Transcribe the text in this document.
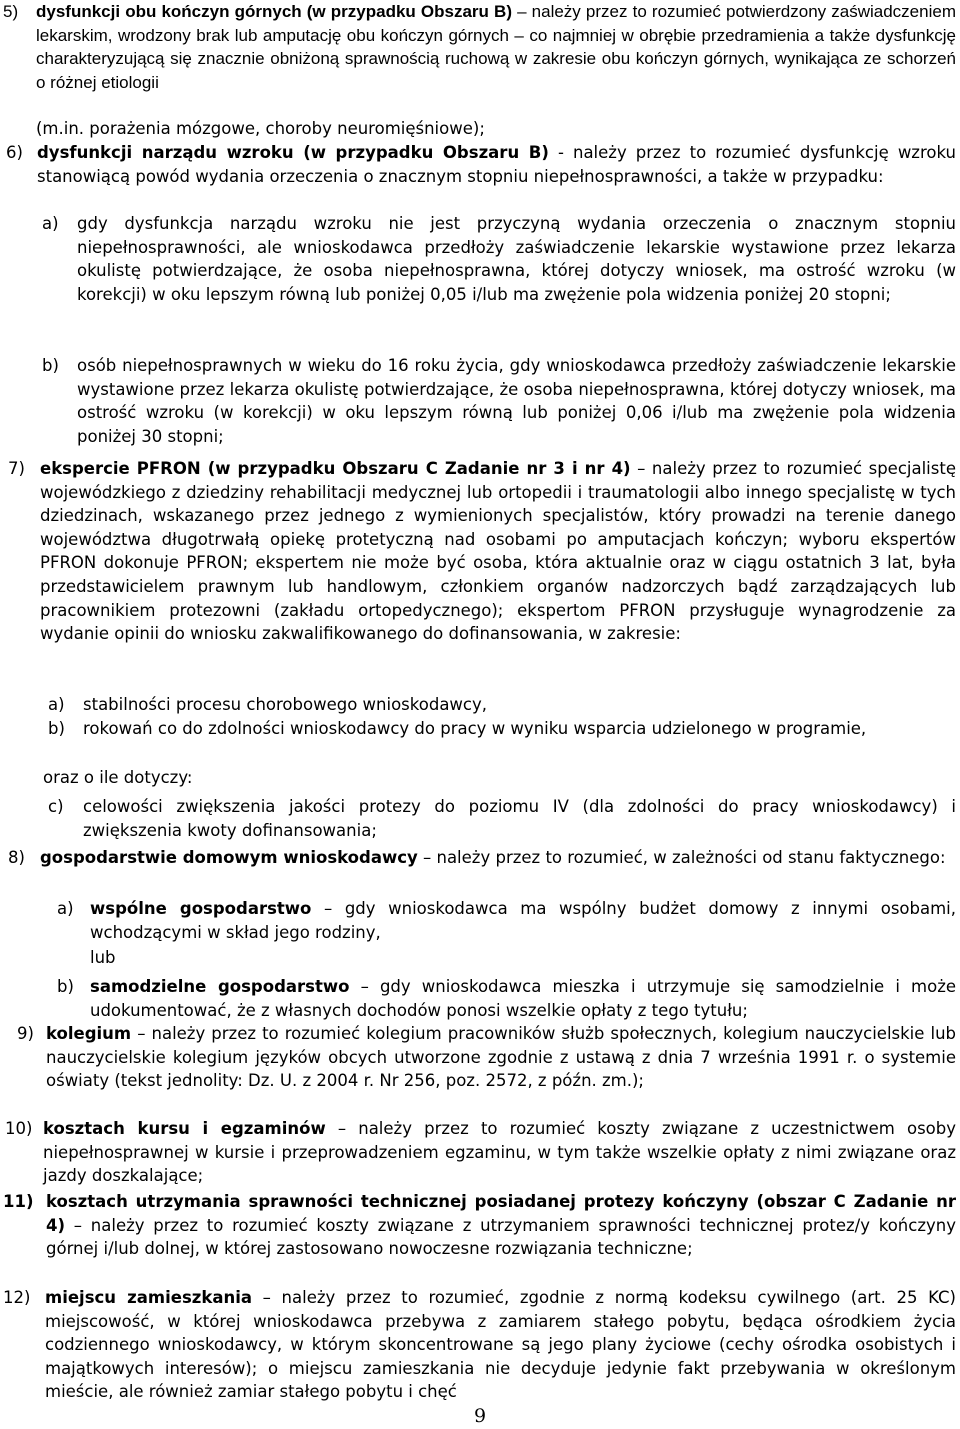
5) dysfunkcji obu kończyn górnych (w przypadku Obszaru B) – należy przez to rozumieć potwierdzony zaświadczeniem lekarskim, wrodzony brak lub amputację obu kończyn górnych – co najmniej w obrębie przedramienia a także dysfunkcję charakteryzującą się znacznie obniżoną sprawnością ruchową w zakresie obu kończyn górnych, wynikająca ze schorzeń o różnej etiologii

(m.in. porażenia mózgowe, choroby neuromięśniowe);

6) dysfunkcji narządu wzroku (w przypadku Obszaru B) - należy przez to rozumieć dysfunkcję wzroku stanowiącą powód wydania orzeczenia o znacznym stopniu niepełnosprawności, a także w przypadku:

a) gdy dysfunkcja narządu wzroku nie jest przyczyną wydania orzeczenia o znacznym stopniu niepełnosprawności, ale wnioskodawca przedłoży zaświadczenie lekarskie wystawione przez lekarza okulistę potwierdzające, że osoba niepełnosprawna, której dotyczy wniosek, ma ostrość wzroku (w korekcji) w oku lepszym równą lub poniżej 0,05 i/lub ma zwężenie pola widzenia poniżej 20 stopni;

b) osób niepełnosprawnych w wieku do 16 roku życia, gdy wnioskodawca przedłoży zaświadczenie lekarskie wystawione przez lekarza okulistę potwierdzające, że osoba niepełnosprawna, której dotyczy wniosek, ma ostrość wzroku (w korekcji) w oku lepszym równą lub poniżej 0,06 i/lub ma zwężenie pola widzenia poniżej 30 stopni;

7) ekspercie PFRON (w przypadku Obszaru C Zadanie nr 3 i nr 4) – należy przez to rozumieć specjalistę wojewódzkiego z dziedziny rehabilitacji medycznej lub ortopedii i traumatologii albo innego specjalistę w tych dziedzinach, wskazanego przez jednego z wymienionych specjalistów, który prowadzi na terenie danego województwa długotrwałą opiekę protetyczną nad osobami po amputacjach kończyn; wyboru ekspertów PFRON dokonuje PFRON; ekspertem nie może być osoba, która aktualnie oraz w ciągu ostatnich 3 lat, była przedstawicielem prawnym lub handlowym, członkiem organów nadzorczych bądź zarządzających lub pracownikiem protezowni (zakładu ortopedycznego); ekspertom PFRON przysługuje wynagrodzenie za wydanie opinii do wniosku zakwalifikowanego do dofinansowania, w zakresie:

a) stabilności procesu chorobowego wnioskodawcy,

b) rokowań co do zdolności wnioskodawcy do pracy w wyniku wsparcia udzielonego w programie,

oraz o ile dotyczy:

c) celowości zwiększenia jakości protezy do poziomu IV (dla zdolności do pracy wnioskodawcy) i zwiększenia kwoty dofinansowania;

8) gospodarstwie domowym wnioskodawcy – należy przez to rozumieć, w zależności od stanu faktycznego:

a) wspólne gospodarstwo – gdy wnioskodawca ma wspólny budżet domowy z innymi osobami, wchodzącymi w skład jego rodziny,

lub

b) samodzielne gospodarstwo – gdy wnioskodawca mieszka i utrzymuje się samodzielnie i może udokumentować, że z własnych dochodów ponosi wszelkie opłaty z tego tytułu;

9) kolegium – należy przez to rozumieć kolegium pracowników służb społecznych, kolegium nauczycielskie lub nauczycielskie kolegium języków obcych utworzone zgodnie z ustawą z dnia 7 września 1991 r. o systemie oświaty (tekst jednolity: Dz. U. z 2004 r. Nr 256, poz. 2572, z późn. zm.);

10) kosztach kursu i egzaminów – należy przez to rozumieć koszty związane z uczestnictwem osoby niepełnosprawnej w kursie i przeprowadzeniem egzaminu, w tym także wszelkie opłaty z nimi związane oraz jazdy doszkalające;

11) kosztach utrzymania sprawności technicznej posiadanej protezy kończyny (obszar C Zadanie nr 4) – należy przez to rozumieć koszty związane z utrzymaniem sprawności technicznej protez/y kończyny górnej i/lub dolnej, w której zastosowano nowoczesne rozwiązania techniczne;

12) miejscu zamieszkania – należy przez to rozumieć, zgodnie z normą kodeksu cywilnego (art. 25 KC) miejscowość, w której wnioskodawca przebywa z zamiarem stałego pobytu, będąca ośrodkiem życia codziennego wnioskodawcy, w którym skoncentrowane są jego plany życiowe (cechy ośrodka osobistych i majątkowych interesów); o miejscu zamieszkania nie decyduje jedynie fakt przebywania w określonym mieście, ale również zamiar stałego pobytu i chęć

9
